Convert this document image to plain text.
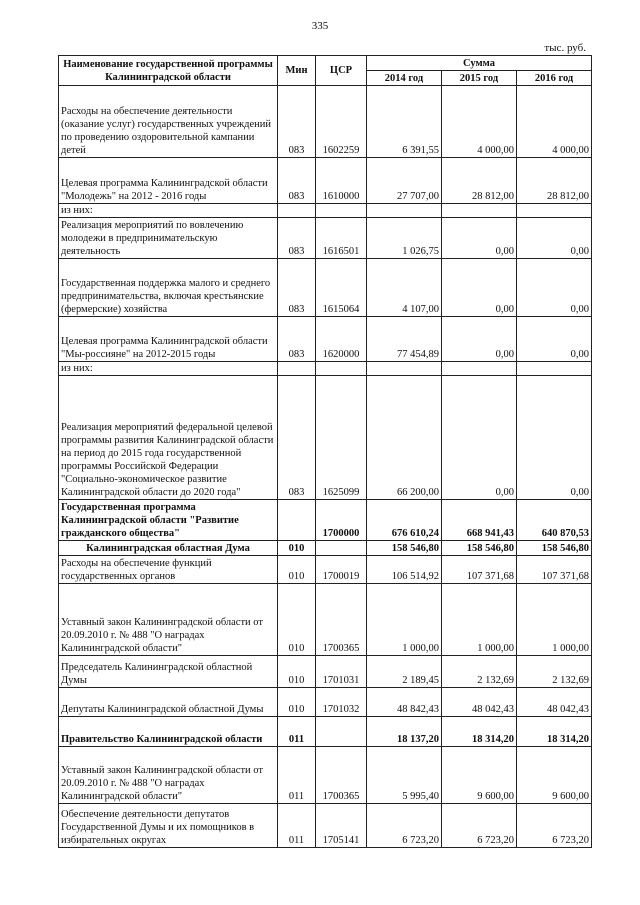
335
тыс. руб.
Наименование государственной программы Калининградской области	Мин	ЦСР	Сумма		
			2014 год	2015 год	2016 год
Расходы на обеспечение деятельности (оказание услуг) государственных учреждений по проведению оздоровительной кампании детей	083	1602259	6 391,55	4 000,00	4 000,00
Целевая программа Калининградской области "Молодежь" на 2012 - 2016 годы	083	1610000	27 707,00	28 812,00	28 812,00
из них:					
Реализация мероприятий по вовлечению молодежи в предпринимательскую деятельность	083	1616501	1 026,75	0,00	0,00
Государственная поддержка малого и среднего предпринимательства, включая крестьянские (фермерские) хозяйства	083	1615064	4 107,00	0,00	0,00
Целевая программа Калининградской области "Мы-россияне" на 2012-2015 годы	083	1620000	77 454,89	0,00	0,00
из них:					
Реализация мероприятий федеральной целевой программы развития Калининградской области на период до 2015 года государственной программы Российской Федерации "Социально-экономическое развитие Калининградской области до 2020 года"	083	1625099	66 200,00	0,00	0,00
Государственная программа Калининградской области "Развитие гражданского общества"		1700000	676 610,24	668 941,43	640 870,53
Калининградская областная Дума	010		158 546,80	158 546,80	158 546,80
Расходы на обеспечение функций государственных органов	010	1700019	106 514,92	107 371,68	107 371,68
Уставный закон Калининградской области от 20.09.2010 г. № 488 "О наградах Калининградской области"	010	1700365	1 000,00	1 000,00	1 000,00
Председатель Калининградской областной Думы	010	1701031	2 189,45	2 132,69	2 132,69
Депутаты Калининградской областной Думы	010	1701032	48 842,43	48 042,43	48 042,43
Правительство Калининградской области	011		18 137,20	18 314,20	18 314,20
Уставный закон Калининградской области от 20.09.2010 г. № 488 "О наградах Калининградской области"	011	1700365	5 995,40	9 600,00	9 600,00
Обеспечение деятельности депутатов Государственной Думы и их помощников в избирательных округах	011	1705141	6 723,20	6 723,20	6 723,20
